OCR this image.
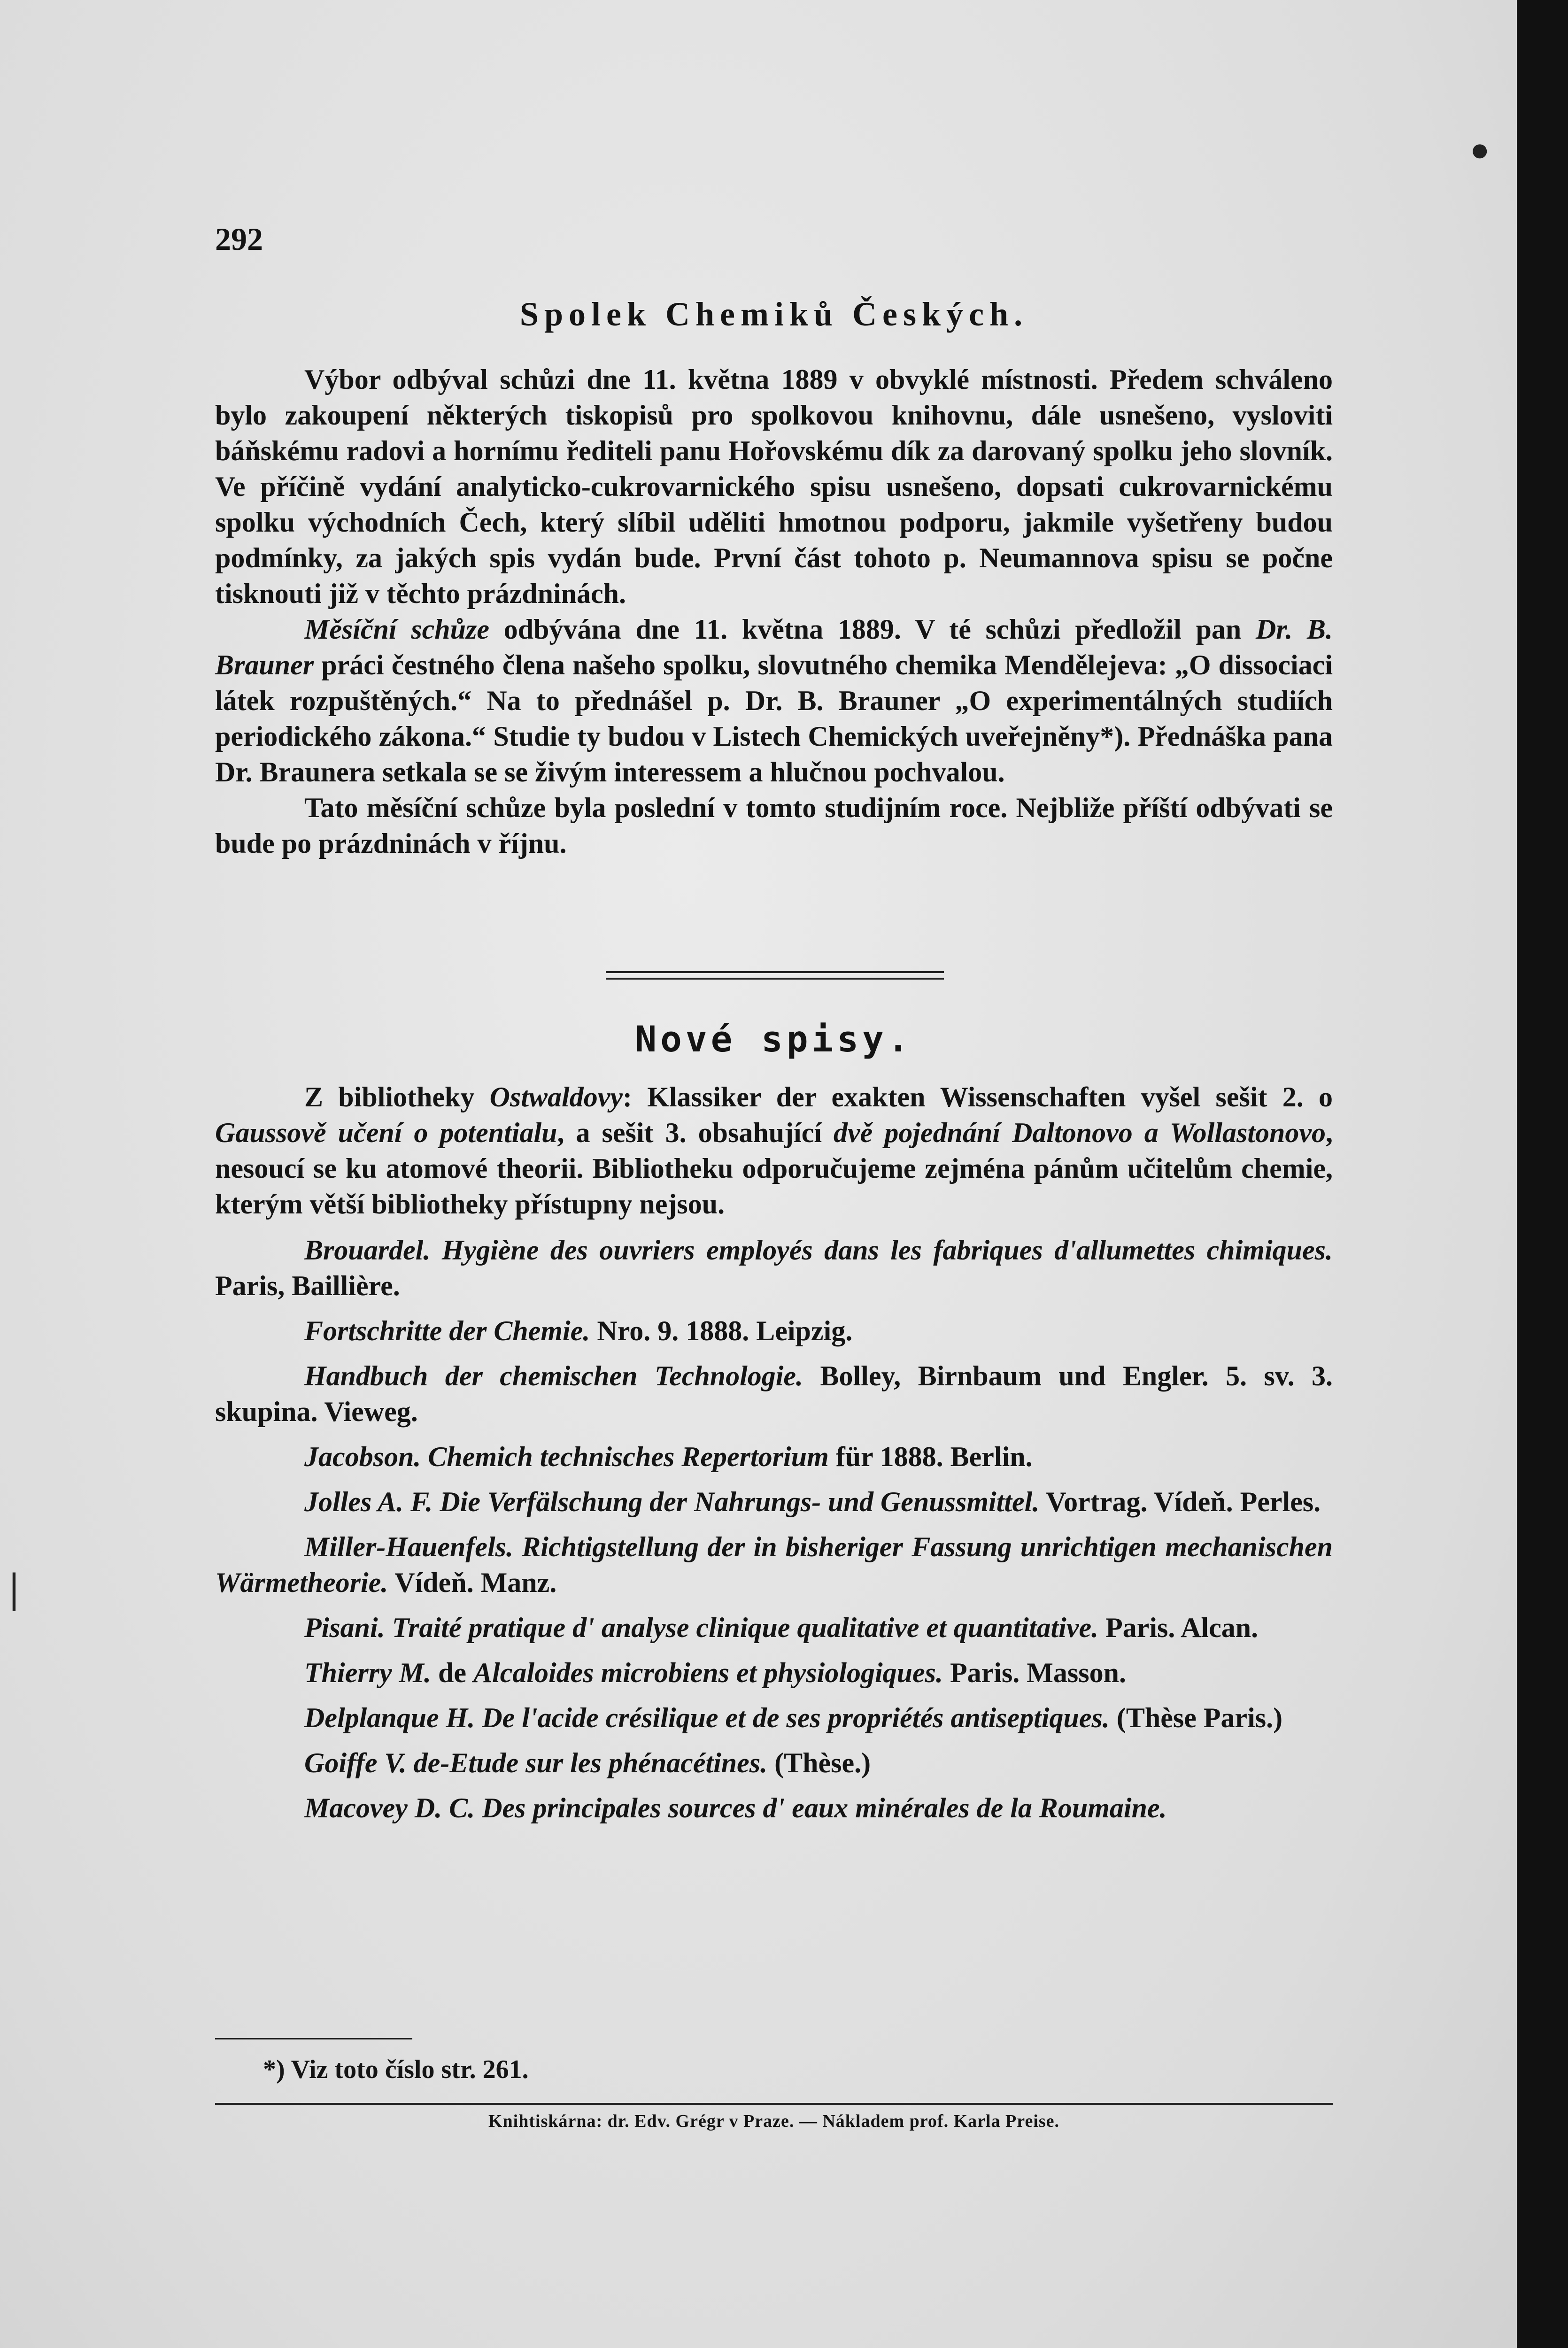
292
Spolek Chemiků Českých.

Výbor odbýval schůzi dne 11. května 1889 v obvyklé místnosti. Předem schváleno bylo zakoupení některých tiskopisů pro spolkovou knihovnu, dále usnešeno, vysloviti báňskému radovi a hornímu řediteli panu Hořovskému dík za darovaný spolku jeho slovník. Ve příčině vydání analyticko-cukrovarnického spisu usnešeno, dopsati cukrovarnickému spolku východních Čech, který slíbil uděliti hmotnou podporu, jakmile vyšetřeny budou podmínky, za jakých spis vydán bude. První část tohoto p. Neumannova spisu se počne tisknouti již v těchto prázdninách.

Měsíční schůze odbývána dne 11. května 1889. V té schůzi předložil pan Dr. B. Brauner práci čestného člena našeho spolku, slovutného chemika Mendělejeva: „O dissociaci látek rozpuštěných.“ Na to přednášel p. Dr. B. Brauner „O experimentálných studiích periodického zákona.“ Studie ty budou v Listech Chemických uveřejněny*). Přednáška pana Dr. Braunera setkala se se živým interessem a hlučnou pochvalou.

Tato měsíční schůze byla poslední v tomto studijním roce. Nejbliže příští odbývati se bude po prázdninách v říjnu.

Nové spisy.

Z bibliotheky Ostwaldovy: Klassiker der exakten Wissenschaften vyšel sešit 2. o Gaussově učení o potentialu, a sešit 3. obsahující dvě pojednání Daltonovo a Wollastonovo, nesoucí se ku atomové theorii. Bibliotheku odporučujeme zejména pánům učitelům chemie, kterým větší bibliotheky přístupny nejsou.

Brouardel. Hygiène des ouvriers employés dans les fabriques d'allumettes chimiques. Paris, Baillière.

Fortschritte der Chemie. Nro. 9. 1888. Leipzig.

Handbuch der chemischen Technologie. Bolley, Birnbaum und Engler. 5. sv. 3. skupina. Vieweg.

Jacobson. Chemich technisches Repertorium für 1888. Berlin.

Jolles A. F. Die Verfälschung der Nahrungs- und Genussmittel. Vortrag. Vídeň. Perles.

Miller-Hauenfels. Richtigstellung der in bisheriger Fassung unrichtigen mechanischen Wärmetheorie. Vídeň. Manz.

Pisani. Traité pratique d' analyse clinique qualitative et quantitative. Paris. Alcan.

Thierry M. de Alcaloides microbiens et physiologiques. Paris. Masson.

Delplanque H. De l'acide crésilique et de ses propriétés antiseptiques. (Thèse Paris.)

Goiffe V. de-Etude sur les phénacétines. (Thèse.)

Macovey D. C. Des principales sources d' eaux minérales de la Roumaine.

*) Viz toto číslo str. 261.
Knihtiskárna: dr. Edv. Grégr v Praze. — Nákladem prof. Karla Preise.
●
|
